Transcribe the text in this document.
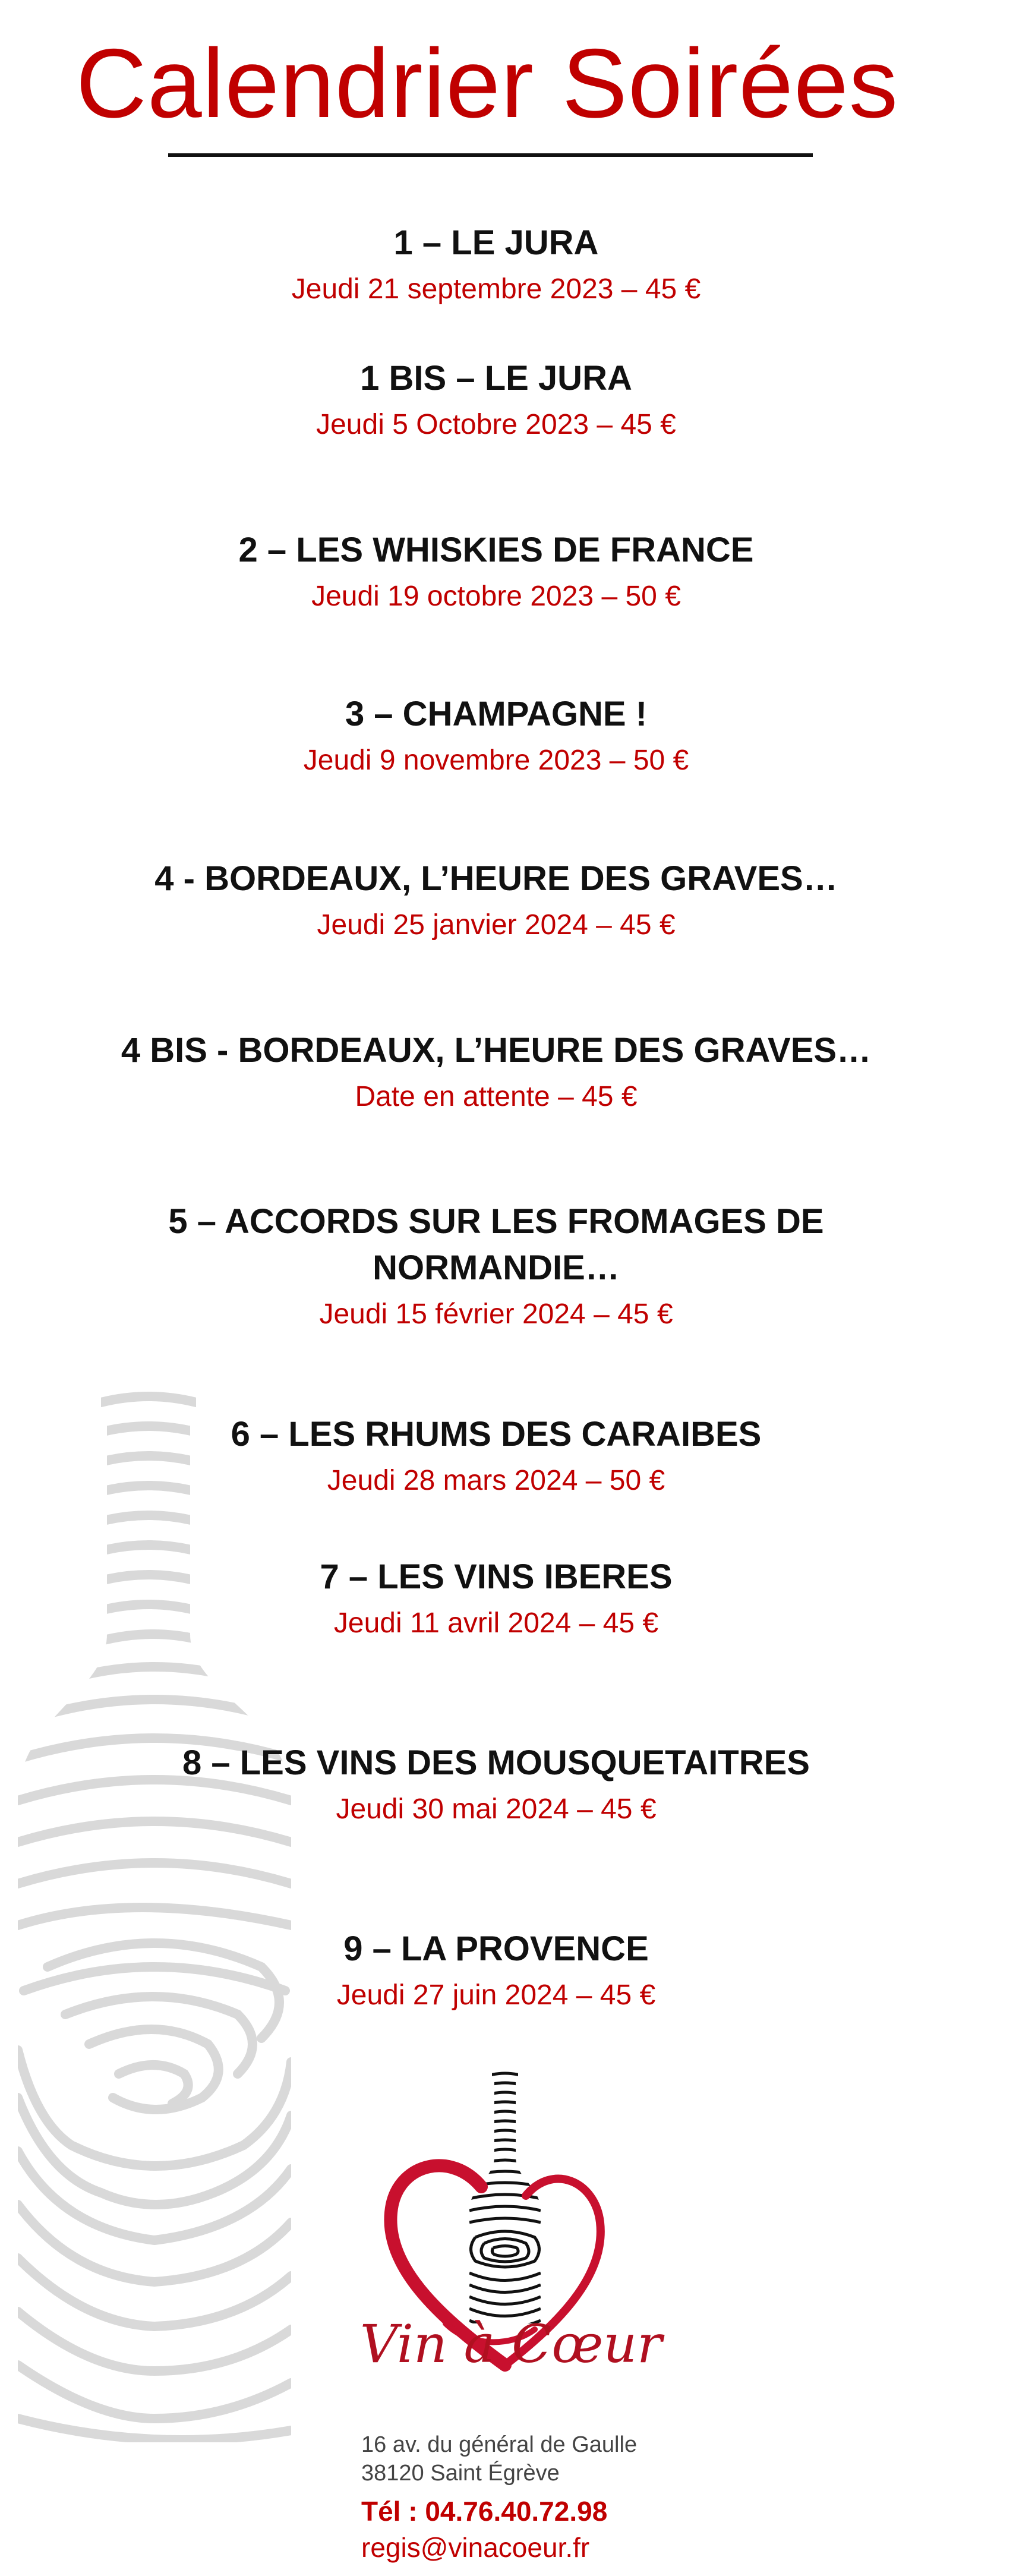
Calendrier Soirées

1 – LE JURA

Jeudi 21 septembre 2023 – 45 €

1 BIS – LE JURA

Jeudi 5 Octobre 2023 – 45 €

2 – LES WHISKIES DE FRANCE

Jeudi 19 octobre 2023 – 50 €

3 – CHAMPAGNE !

Jeudi 9 novembre 2023 – 50 €

4 - BORDEAUX, L’HEURE DES GRAVES…

Jeudi 25 janvier 2024 – 45 €

4 BIS - BORDEAUX, L’HEURE DES GRAVES…

Date en attente – 45 €

5 – ACCORDS SUR LES FROMAGES DE

NORMANDIE…

Jeudi 15 février 2024 – 45 €

6 – LES RHUMS DES CARAIBES

Jeudi 28 mars 2024 – 50 €

7 – LES VINS IBERES

Jeudi 11 avril 2024 – 45 €

8 – LES VINS DES MOUSQUETAITRES

Jeudi 30 mai 2024 – 45 €

9 – LA PROVENCE

Jeudi 27 juin 2024 – 45 €

Vin à Cœur
16 av. du général de Gaulle
38120 Saint Égrève
Tél : 04.76.40.72.98
regis@vinacoeur.fr
